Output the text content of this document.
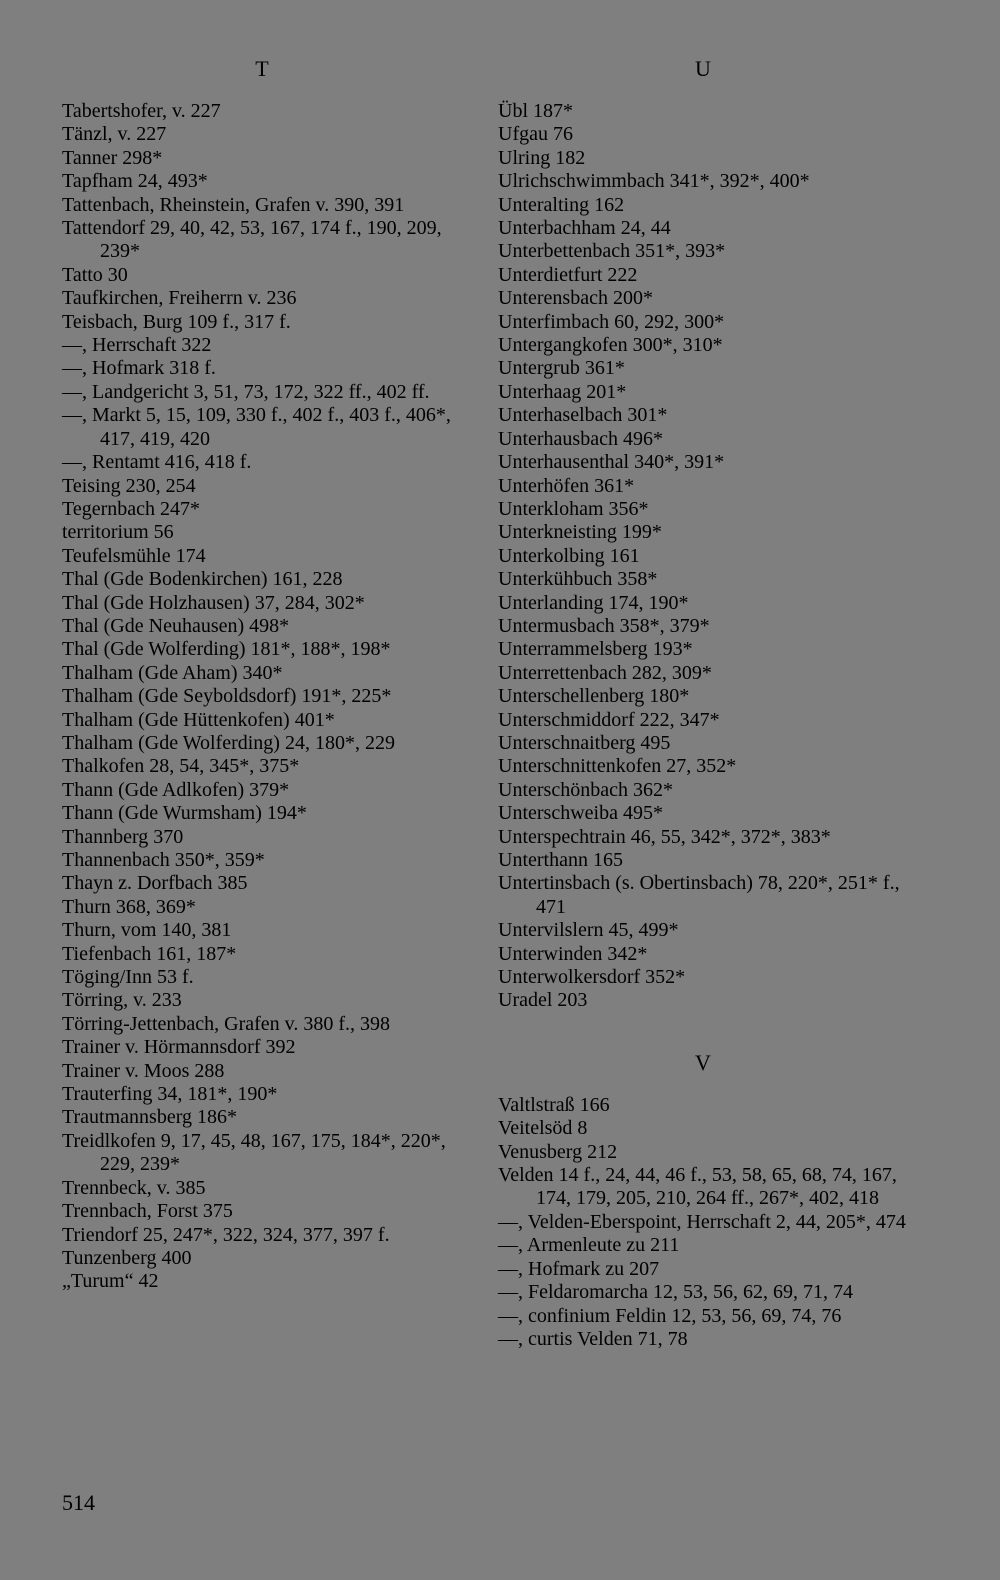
T
Tabertshofer, v. 227
Tänzl, v. 227
Tanner 298*
Tapfham 24, 493*
Tattenbach, Rheinstein, Grafen v. 390, 391
Tattendorf 29, 40, 42, 53, 167, 174 f., 190, 209, 239*
Tatto 30
Taufkirchen, Freiherrn v. 236
Teisbach, Burg 109 f., 317 f.
—, Herrschaft 322
—, Hofmark 318 f.
—, Landgericht 3, 51, 73, 172, 322 ff., 402 ff.
—, Markt 5, 15, 109, 330 f., 402 f., 403 f., 406*, 417, 419, 420
—, Rentamt 416, 418 f.
Teising 230, 254
Tegernbach 247*
territorium 56
Teufelsmühle 174
Thal (Gde Bodenkirchen) 161, 228
Thal (Gde Holzhausen) 37, 284, 302*
Thal (Gde Neuhausen) 498*
Thal (Gde Wolferding) 181*, 188*, 198*
Thalham (Gde Aham) 340*
Thalham (Gde Seyboldsdorf) 191*, 225*
Thalham (Gde Hüttenkofen) 401*
Thalham (Gde Wolferding) 24, 180*, 229
Thalkofen 28, 54, 345*, 375*
Thann (Gde Adlkofen) 379*
Thann (Gde Wurmsham) 194*
Thannberg 370
Thannenbach 350*, 359*
Thayn z. Dorfbach 385
Thurn 368, 369*
Thurn, vom 140, 381
Tiefenbach 161, 187*
Töging/Inn 53 f.
Törring, v. 233
Törring-Jettenbach, Grafen v. 380 f., 398
Trainer v. Hörmannsdorf 392
Trainer v. Moos 288
Trauterfing 34, 181*, 190*
Trautmannsberg 186*
Treidlkofen 9, 17, 45, 48, 167, 175, 184*, 220*, 229, 239*
Trennbeck, v. 385
Trennbach, Forst 375
Triendorf 25, 247*, 322, 324, 377, 397 f.
Tunzenberg 400
„Turum“ 42
U
Übl 187*
Ufgau 76
Ulring 182
Ulrichschwimmbach 341*, 392*, 400*
Unteralting 162
Unterbachham 24, 44
Unterbettenbach 351*, 393*
Unterdietfurt 222
Unterensbach 200*
Unterfimbach 60, 292, 300*
Untergangkofen 300*, 310*
Untergrub 361*
Unterhaag 201*
Unterhaselbach 301*
Unterhausbach 496*
Unterhausenthal 340*, 391*
Unterhöfen 361*
Unterkloham 356*
Unterkneisting 199*
Unterkolbing 161
Unterkühbuch 358*
Unterlanding 174, 190*
Untermusbach 358*, 379*
Unterrammelsberg 193*
Unterrettenbach 282, 309*
Unterschellenberg 180*
Unterschmiddorf 222, 347*
Unterschnaitberg 495
Unterschnittenkofen 27, 352*
Unterschönbach 362*
Unterschweiba 495*
Unterspechtrain 46, 55, 342*, 372*, 383*
Unterthann 165
Untertinsbach (s. Obertinsbach) 78, 220*, 251* f., 471
Untervilslern 45, 499*
Unterwinden 342*
Unterwolkersdorf 352*
Uradel 203
V
Valtlstraß 166
Veitelsöd 8
Venusberg 212
Velden 14 f., 24, 44, 46 f., 53, 58, 65, 68, 74, 167, 174, 179, 205, 210, 264 ff., 267*, 402, 418
—, Velden-Eberspoint, Herrschaft 2, 44, 205*, 474
—, Armenleute zu 211
—, Hofmark zu 207
—, Feldaromarcha 12, 53, 56, 62, 69, 71, 74
—, confinium Feldin 12, 53, 56, 69, 74, 76
—, curtis Velden 71, 78
514
